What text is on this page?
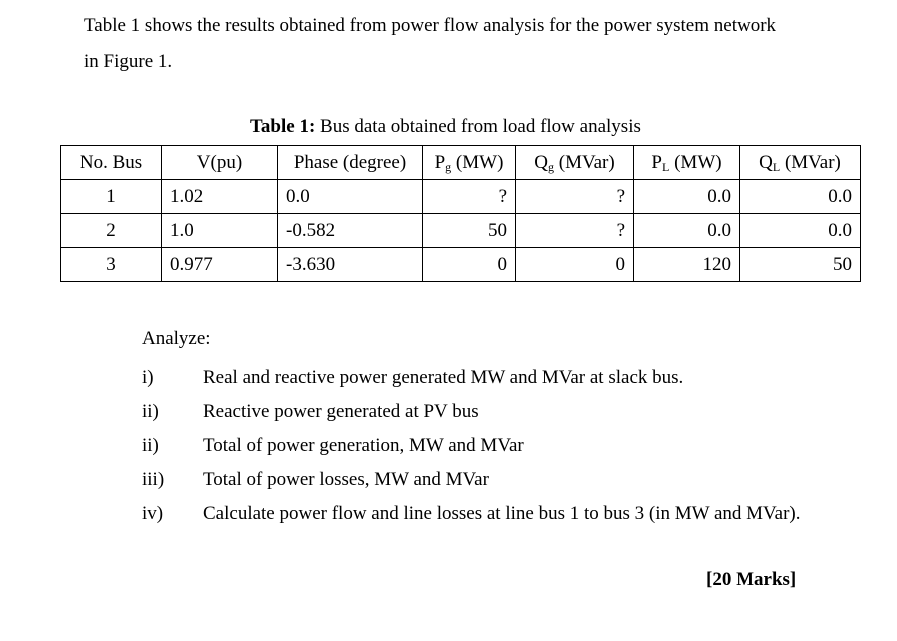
Table 1 shows the results obtained from power flow analysis for the power system network
in Figure 1.
Table 1: Bus data obtained from load flow analysis
No. Bus	V(pu)	Phase (degree)	$P_g$ (MW)	$Q_g$ (MVar)	$P_L$ (MW)	$Q_L$ (MVar)
1	1.02	0.0	?	?	0.0	0.0
2	1.0	-0.582	50	?	0.0	0.0
3	0.977	-3.630	0	0	120	50
Analyze:
i)	Real and reactive power generated MW and MVar at slack bus.
ii)	Reactive power generated at PV bus
ii)	Total of power generation, MW and MVar
iii)	Total of power losses, MW and MVar
iv)	Calculate power flow and line losses at line bus 1 to bus 3 (in MW and MVar).
[20 Marks]
